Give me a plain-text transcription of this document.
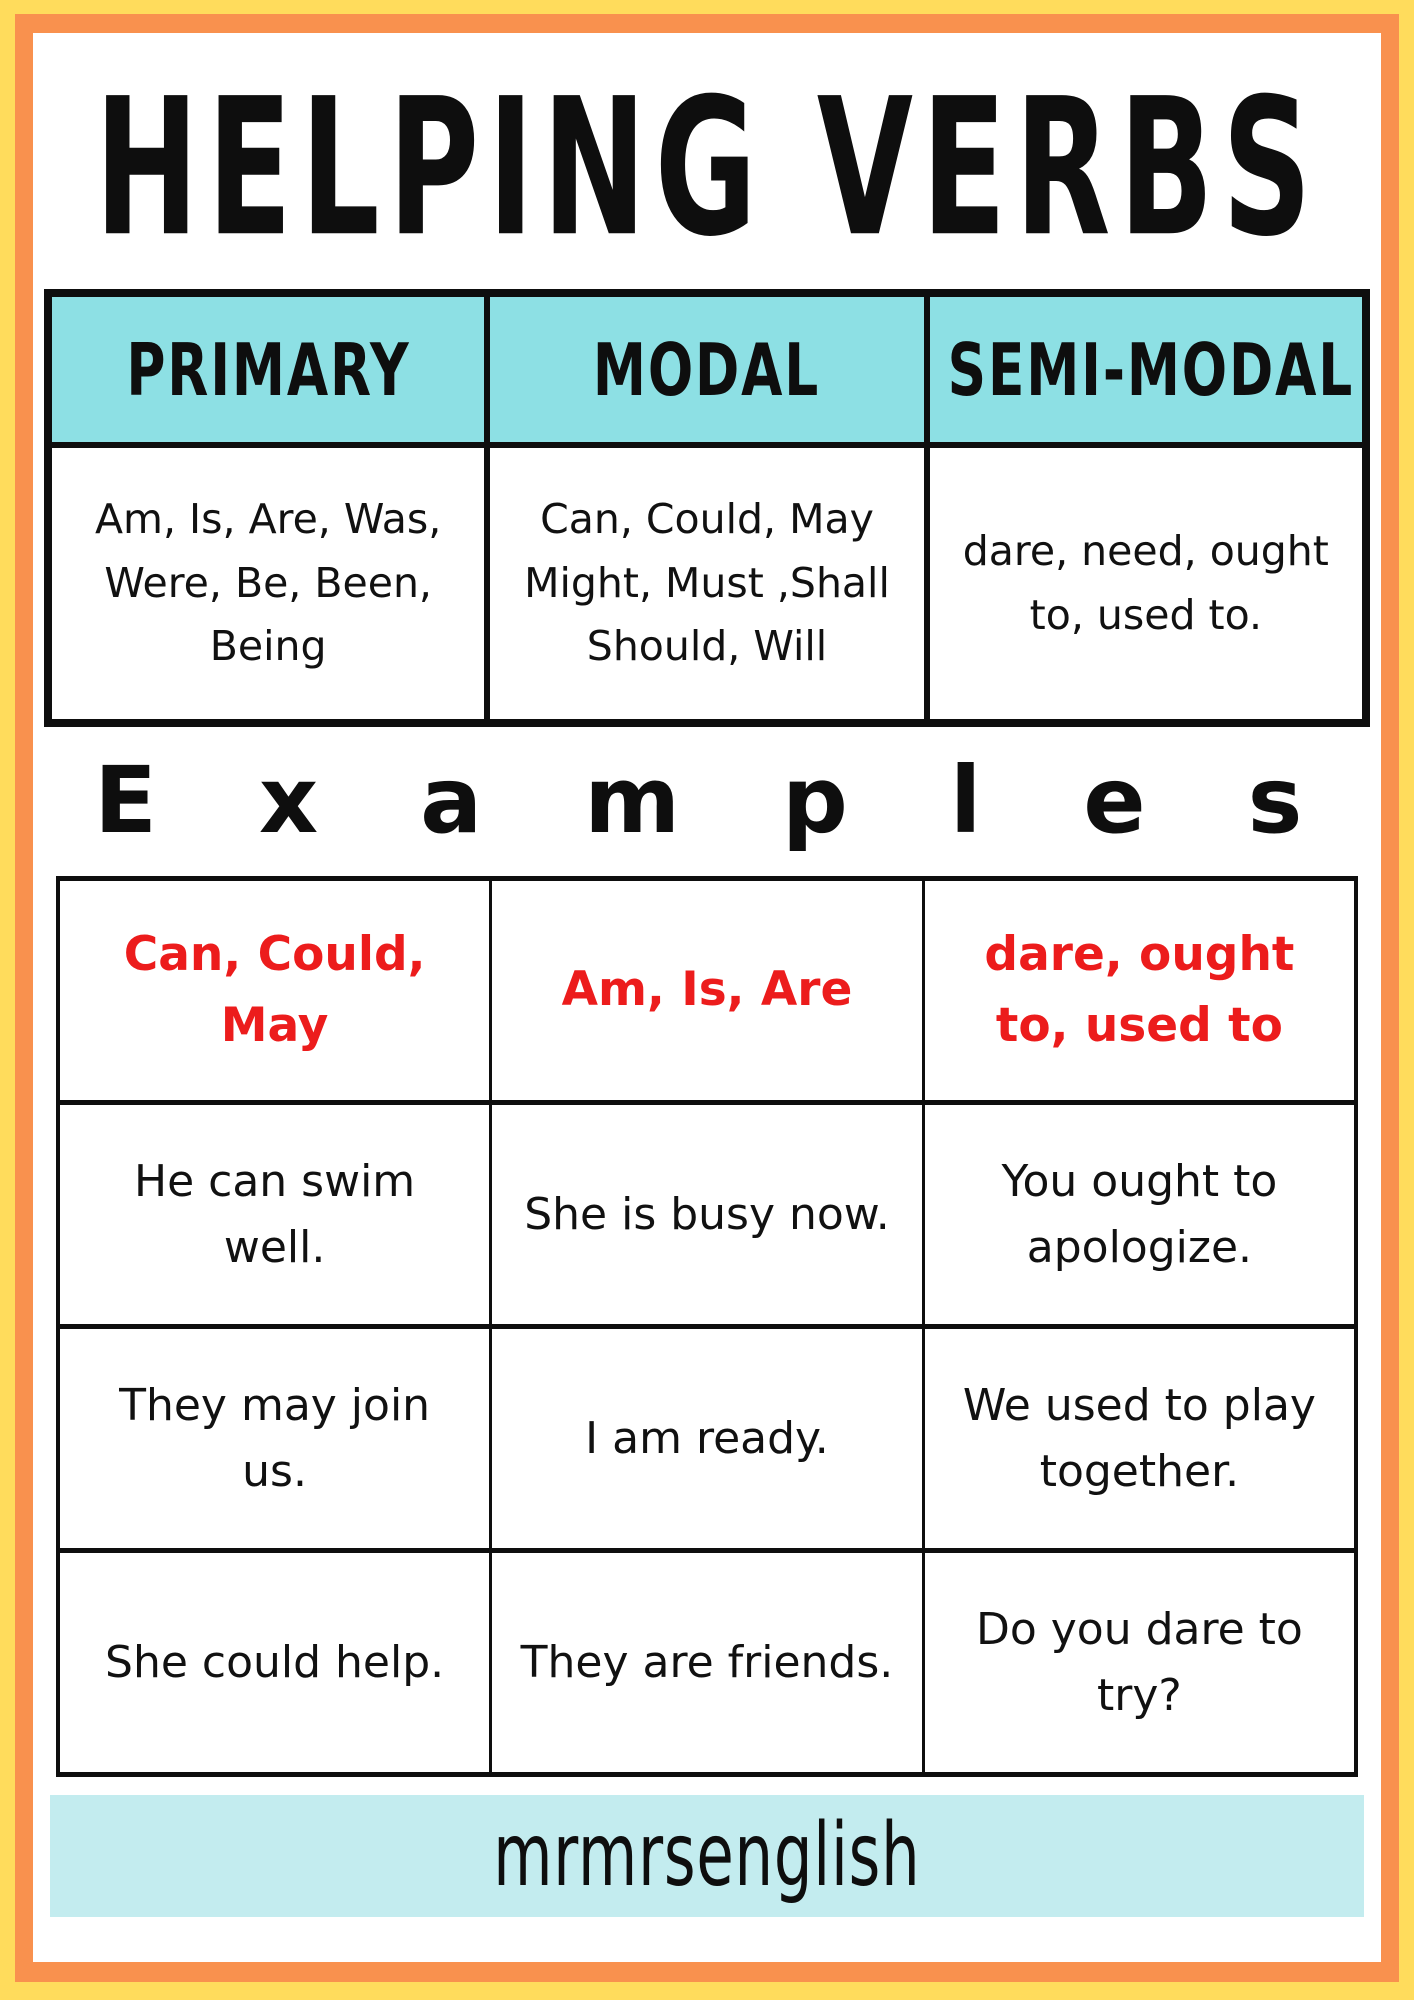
HELPING VERBS
PRIMARY	MODAL	SEMI-MODAL
Am, Is, Are, Was, Were, Be, Been, Being	Can, Could, May Might, Must ,Shall Should, Will	dare, need, ought to, used to.
E x a m p l e s
Can, Could, May	Am, Is, Are	dare, ought to, used to
He can swim well.	She is busy now.	You ought to apologize.
They may join us.	I am ready.	We used to play together.
She could help.	They are friends.	Do you dare to try?
mrmrsenglish
